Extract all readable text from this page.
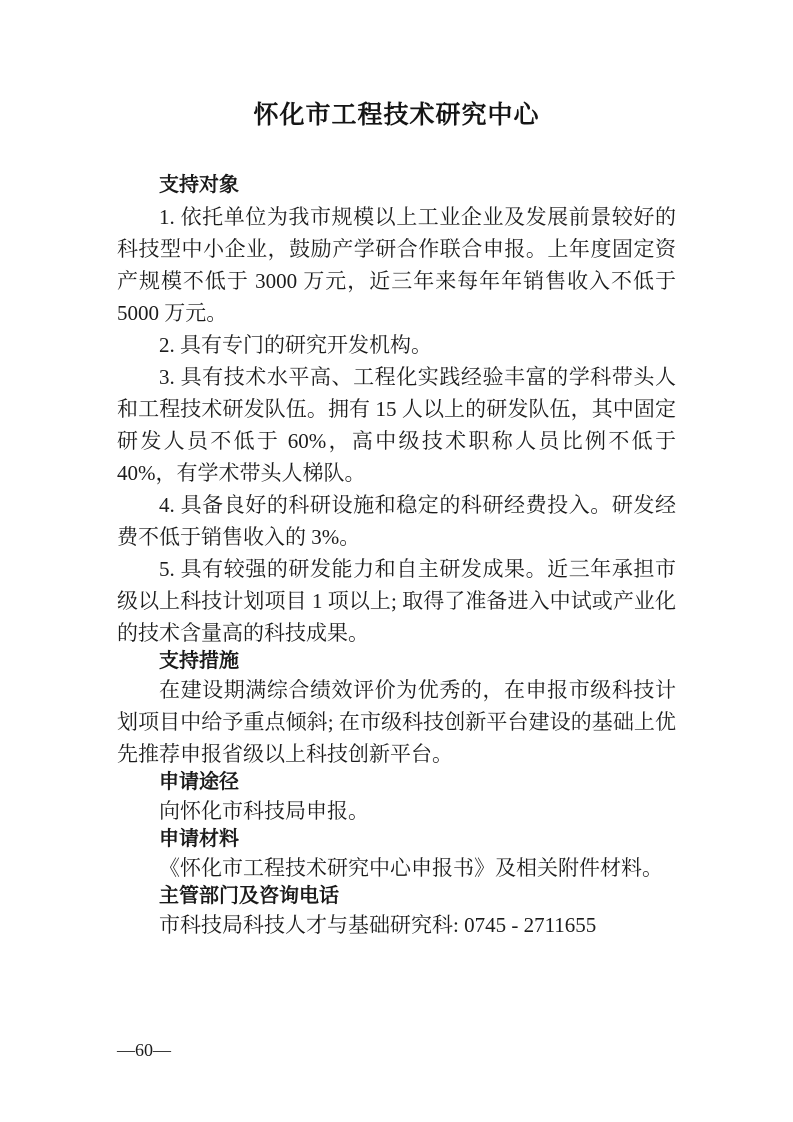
怀化市工程技术研究中心
支持对象

1. 依托单位为我市规模以上工业企业及发展前景较好的科技型中小企业，鼓励产学研合作联合申报。上年度固定资产规模不低于 3000 万元，近三年来每年年销售收入不低于 5000 万元。

2. 具有专门的研究开发机构。

3. 具有技术水平高、工程化实践经验丰富的学科带头人和工程技术研发队伍。拥有 15 人以上的研发队伍，其中固定研发人员不低于 60%，高中级技术职称人员比例不低于 40%，有学术带头人梯队。

4. 具备良好的科研设施和稳定的科研经费投入。研发经费不低于销售收入的 3%。

5. 具有较强的研发能力和自主研发成果。近三年承担市级以上科技计划项目 1 项以上; 取得了准备进入中试或产业化的技术含量高的科技成果。

支持措施

在建设期满综合绩效评价为优秀的，在申报市级科技计划项目中给予重点倾斜; 在市级科技创新平台建设的基础上优先推荐申报省级以上科技创新平台。

申请途径

向怀化市科技局申报。

申请材料

《怀化市工程技术研究中心申报书》及相关附件材料。

主管部门及咨询电话

市科技局科技人才与基础研究科: 0745 - 2711655

—60—
